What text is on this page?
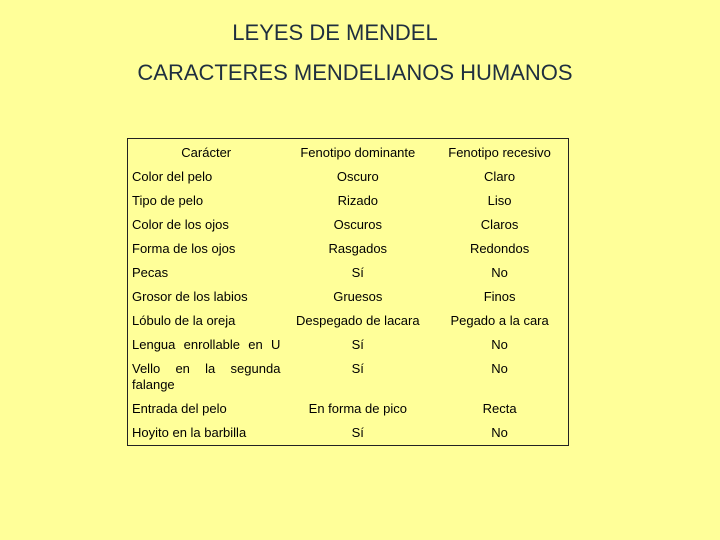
LEYES DE MENDEL
CARACTERES MENDELIANOS HUMANOS
Carácter	Fenotipo dominante	Fenotipo recesivo
Color del pelo	Oscuro	Claro
Tipo de pelo	Rizado	Liso
Color de los ojos	Oscuros	Claros
Forma de los ojos	Rasgados	Redondos
Pecas	Sí	No
Grosor de los labios	Gruesos	Finos
Lóbulo de la oreja	Despegado de lacara	Pegado a la cara
Lengua enrollable en U	Sí	No
Vello en la segunda falange	Sí	No
Entrada del pelo	En forma de pico	Recta
Hoyito en la barbilla	Sí	No
